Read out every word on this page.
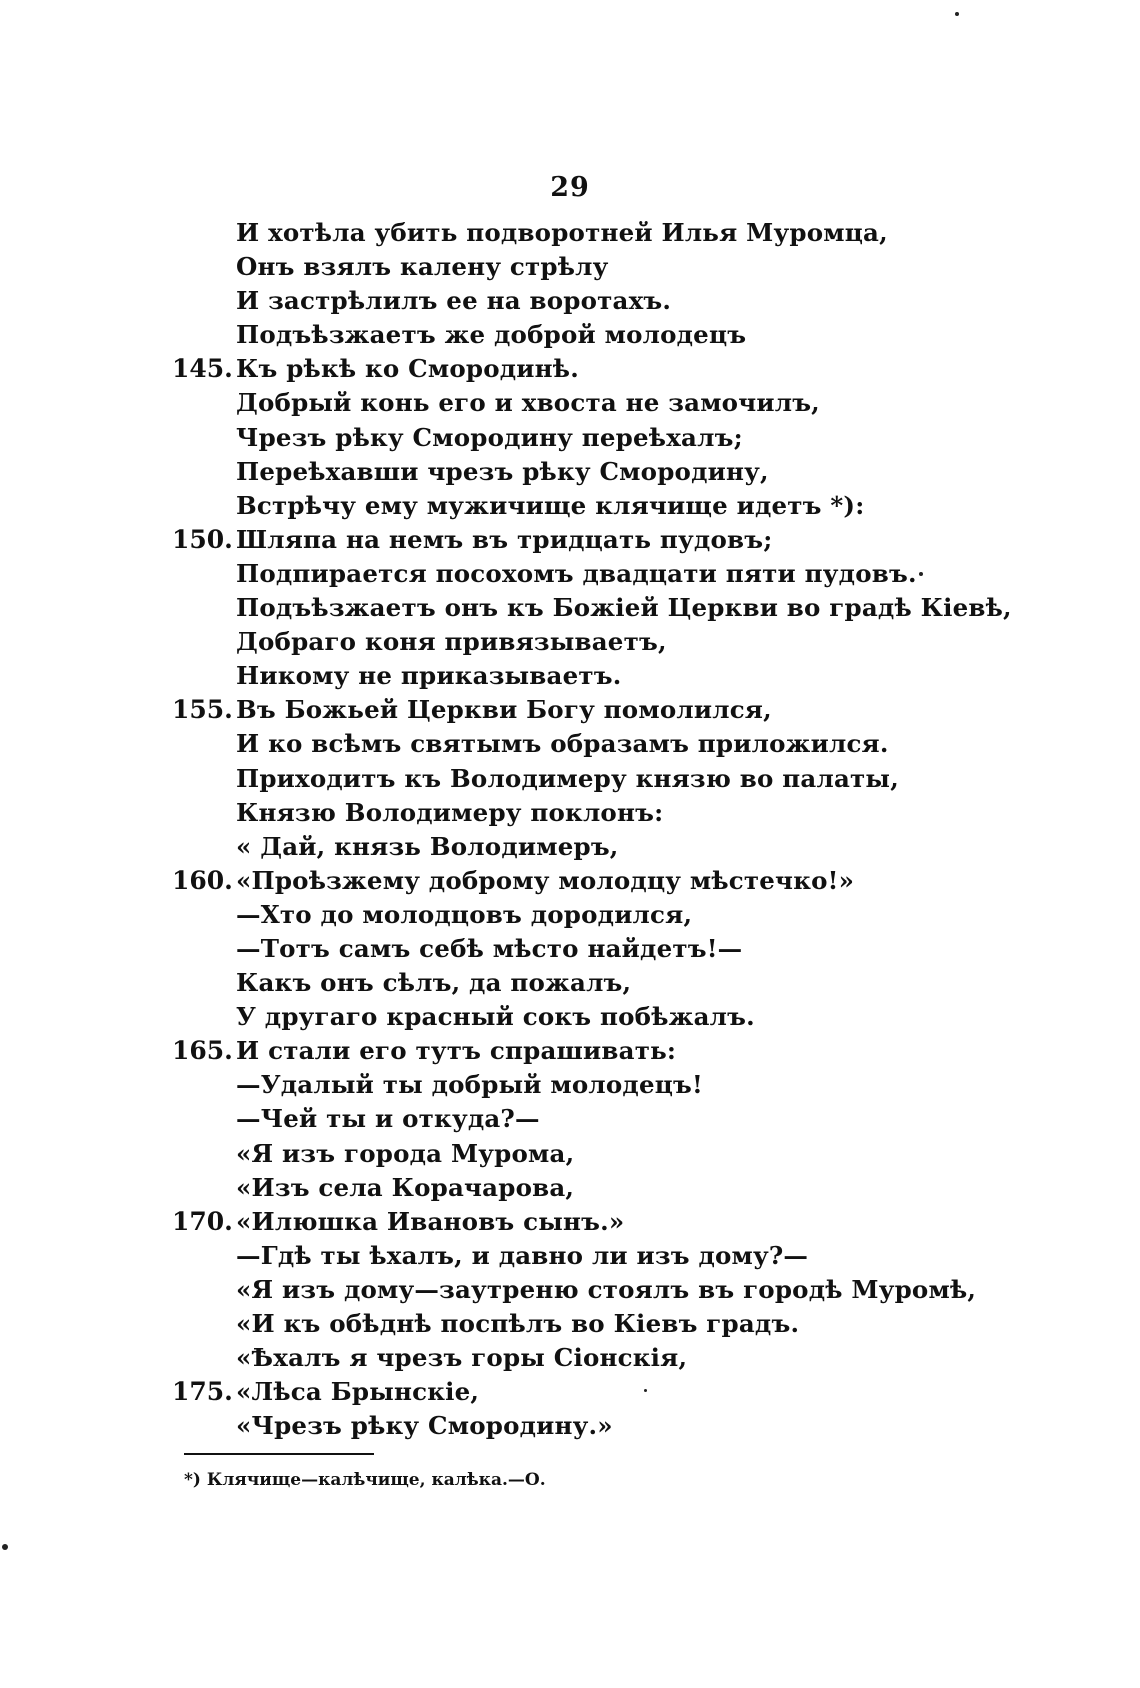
29
И хотѣла убить подворотней Илья Муромца,
Онъ взялъ калену стрѣлу
И застрѣлилъ ее на воротахъ.
Подъѣзжаетъ же доброй молодецъ
145. Къ рѣкѣ ко Смородинѣ.
Добрый конь его и хвоста не замочилъ,
Чрезъ рѣку Смородину переѣхалъ;
Переѣхавши чрезъ рѣку Смородину,
Встрѣчу ему мужичище клячище идетъ *):
150. Шляпа на немъ въ тридцать пудовъ;
Подпирается посохомъ двадцати пяти пудовъ.
Подъѣзжаетъ онъ къ Божіей Церкви во градѣ Кіевѣ,
Добраго коня привязываетъ,
Никому не приказываетъ.
155. Въ Божьей Церкви Богу помолился,
И ко всѣмъ святымъ образамъ приложился.
Приходитъ къ Володимеру князю во палаты,
Князю Володимеру поклонъ:
« Дай, князь Володимеръ,
160. «Проѣзжему доброму молодцу мѣстечко!»
—Хто до молодцовъ дородился,
—Тотъ самъ себѣ мѣсто найдетъ!—
Какъ онъ сѣлъ, да пожалъ,
У другаго красный сокъ побѣжалъ.
165. И стали его тутъ спрашивать:
—Удалый ты добрый молодецъ!
—Чей ты и откуда?—
«Я изъ города Мурома,
«Изъ села Корачарова,
170. «Илюшка Ивановъ сынъ.»
—Гдѣ ты ѣхалъ, и давно ли изъ дому?—
«Я изъ дому—заутреню стоялъ въ городѣ Муромѣ,
«И къ обѣднѣ поспѣлъ во Кіевъ градъ.
«Ѣхалъ я чрезъ горы Сіонскія,
175. «Лѣса Брынскіе,
«Чрезъ рѣку Смородину.»
*) Клячище—калѣчище, калѣка.—О.
